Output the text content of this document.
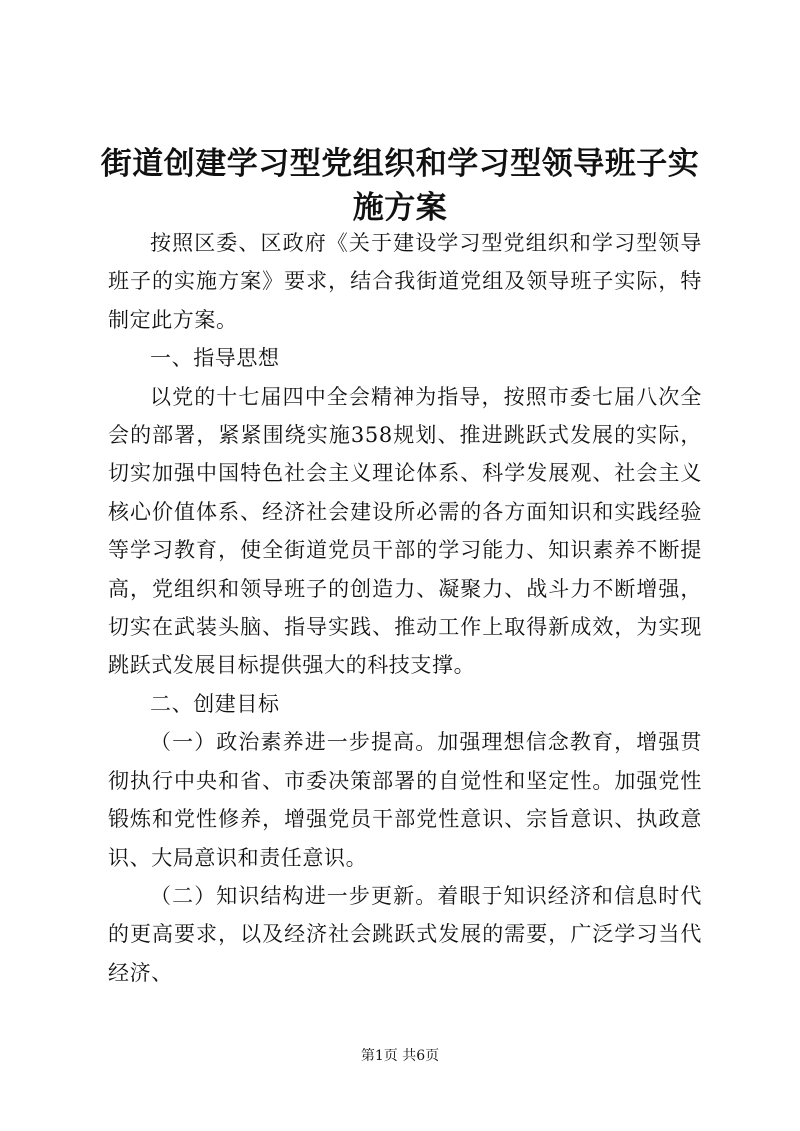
街道创建学习型党组织和学习型领导班子实施方案

按照区委、区政府《关于建设学习型党组织和学习型领导班子的实施方案》要求，结合我街道党组及领导班子实际，特制定此方案。

一、指导思想

以党的十七届四中全会精神为指导，按照市委七届八次全会的部署，紧紧围绕实施358规划、推进跳跃式发展的实际，切实加强中国特色社会主义理论体系、科学发展观、社会主义核心价值体系、经济社会建设所必需的各方面知识和实践经验等学习教育，使全街道党员干部的学习能力、知识素养不断提高，党组织和领导班子的创造力、凝聚力、战斗力不断增强，切实在武装头脑、指导实践、推动工作上取得新成效，为实现跳跃式发展目标提供强大的科技支撑。

二、创建目标

（一）政治素养进一步提高。加强理想信念教育，增强贯彻执行中央和省、市委决策部署的自觉性和坚定性。加强党性锻炼和党性修养，增强党员干部党性意识、宗旨意识、执政意识、大局意识和责任意识。

（二）知识结构进一步更新。着眼于知识经济和信息时代的更高要求，以及经济社会跳跃式发展的需要，广泛学习当代经济、

第1页 共6页
